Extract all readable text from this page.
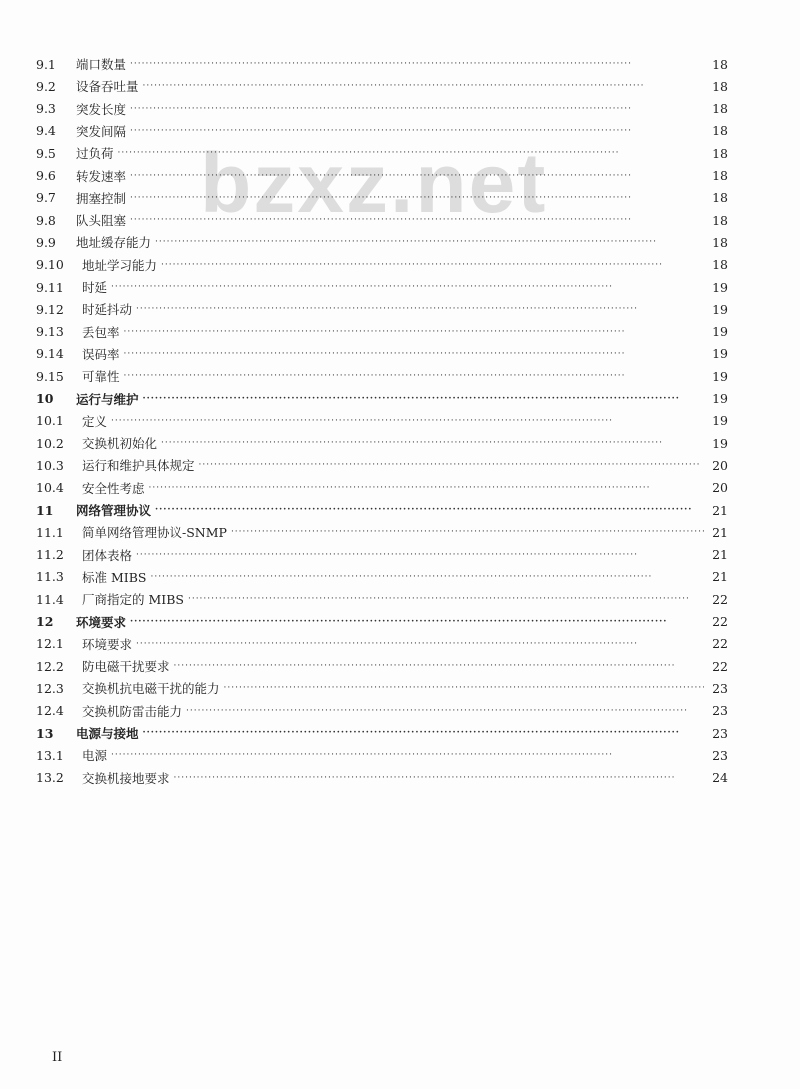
bzxz.net
9.1	端口数量 ·····	18
9.2	设备吞吐量 ·····	18
9.3	突发长度 ·····	18
9.4	突发间隔 ·····	18
9.5	过负荷 ·····	18
9.6	转发速率 ·····	18
9.7	拥塞控制 ·····	18
9.8	队头阻塞 ·····	18
9.9	地址缓存能力 ·····	18
9.10	地址学习能力 ·····	18
9.11	时延 ·····	19
9.12	时延抖动 ·····	19
9.13	丢包率 ·····	19
9.14	误码率 ·····	19
9.15	可靠性 ·····	19
10	运行与维护 ·····	19
10.1	定义 ·····	19
10.2	交换机初始化 ·····	19
10.3	运行和维护具体规定 ·····	20
10.4	安全性考虑 ·····	20
11	网络管理协议 ·····	21
11.1	简单网络管理协议-SNMP ·····	21
11.2	团体表格 ·····	21
11.3	标准 MIBS ·····	21
11.4	厂商指定的 MIBS ·····	22
12	环境要求 ·····	22
12.1	环境要求 ·····	22
12.2	防电磁干扰要求 ·····	22
12.3	交换机抗电磁干扰的能力 ·····	23
12.4	交换机防雷击能力 ·····	23
13	电源与接地 ·····	23
13.1	电源 ·····	23
13.2	交换机接地要求 ·····	24
II
